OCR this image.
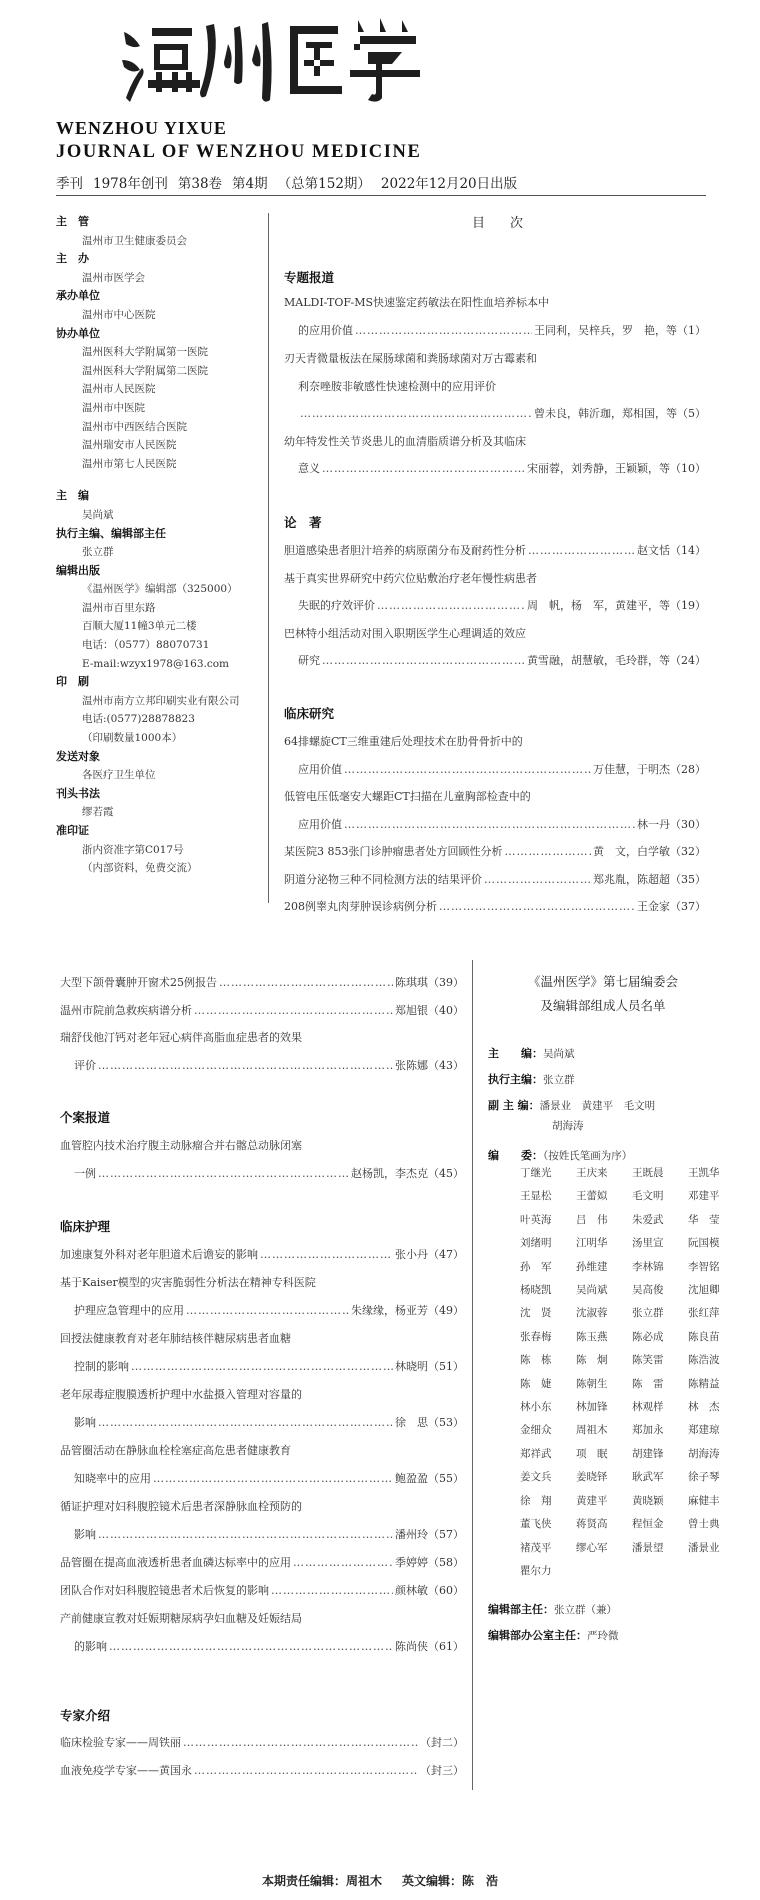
WENZHOU YIXUE
JOURNAL OF WENZHOU MEDICINE
季刊 1978年创刊 第38卷 第4期 （总第152期） 2022年12月20日出版
主　管
温州市卫生健康委员会
主　办
温州市医学会
承办单位
温州市中心医院
协办单位
温州医科大学附属第一医院
温州医科大学附属第二医院
温州市人民医院
温州市中医院
温州市中西医结合医院
温州瑞安市人民医院
温州市第七人民医院
主　编
吴尚斌
执行主编、编辑部主任
张立群
编辑出版
《温州医学》编辑部（325000）
温州市百里东路
百顺大厦11幢3单元二楼
电话：（0577）88070731
E-mail:wzyx1978@163.com
印　刷
温州市南方立邦印刷实业有限公司
电话:(0577)28878823
（印刷数量1000本）
发送对象
各医疗卫生单位
刊头书法
缪若霞
准印证
浙内资准字第C017号
（内部资料，免费交流）
目　次
专题报道
MALDI-TOF-MS快速鉴定药敏法在阳性血培养标本中
的应用价值 ……………………………………………………………………………………………………………………………………………………………………………………	王同利，吴梓兵，罗　艳，等（1）
刃天青微量板法在屎肠球菌和粪肠球菌对万古霉素和
利奈唑胺非敏感性快速检测中的应用评价
……………………………………………………………………………………………………………………………………………………………………………………
曾未良，韩沂珈，郑相国，等（5）
幼年特发性关节炎患儿的血清脂质谱分析及其临床
意义 ……………………………………………………………………………………………………………………………………………………………………………………	宋丽蓉，刘秀静，王颖颖，等（10）
论　著
胆道感染患者胆汁培养的病原菌分布及耐药性分析 ……………………………………………………………………………………………………………………………………………………………………………………	赵文恬（14）
基于真实世界研究中药穴位贴敷治疗老年慢性病患者
失眠的疗效评价 ……………………………………………………………………………………………………………………………………………………………………………………	周　帆，杨　军，黄建平，等（19）
巴林特小组活动对围入职期医学生心理调适的效应
研究 ……………………………………………………………………………………………………………………………………………………………………………………	黄雪融，胡慧敏，毛玲群，等（24）
临床研究
64排螺旋CT三维重建后处理技术在肋骨骨折中的
应用价值 ……………………………………………………………………………………………………………………………………………………………………………………	万佳慧，于明杰（28）
低管电压低毫安大螺距CT扫描在儿童胸部检查中的
应用价值 ……………………………………………………………………………………………………………………………………………………………………………………	林一丹（30）
某医院3 853张门诊肿瘤患者处方回顾性分析 ……………………………………………………………………………………………………………………………………………………………………………………	黄　文，白学敏（32）
阴道分泌物三种不同检测方法的结果评价 ……………………………………………………………………………………………………………………………………………………………………………………	郑兆胤，陈超超（35）
208例睾丸肉芽肿误诊病例分析 ……………………………………………………………………………………………………………………………………………………………………………………	王金家（37）
大型下颌骨囊肿开窗术25例报告 ……………………………………………………………………………………………………………………………………………………………………………………	陈琪琪（39）
温州市院前急救疾病谱分析 ……………………………………………………………………………………………………………………………………………………………………………………	郑旭银（40）
瑞舒伐他汀钙对老年冠心病伴高脂血症患者的效果
评价 ……………………………………………………………………………………………………………………………………………………………………………………	张陈娜（43）
个案报道
血管腔内技术治疗腹主动脉瘤合并右髂总动脉闭塞
一例 ……………………………………………………………………………………………………………………………………………………………………………………	赵杨凯，李杰克（45）
临床护理
加速康复外科对老年胆道术后谵妄的影响 ……………………………………………………………………………………………………………………………………………………………………………………	张小丹（47）
基于Kaiser模型的灾害脆弱性分析法在精神专科医院
护理应急管理中的应用 ……………………………………………………………………………………………………………………………………………………………………………………	朱缘缘，杨亚芳（49）
回授法健康教育对老年肺结核伴糖尿病患者血糖
控制的影响 ……………………………………………………………………………………………………………………………………………………………………………………	林晓明（51）
老年尿毒症腹膜透析护理中水盐摄入管理对容量的
影响 ……………………………………………………………………………………………………………………………………………………………………………………	徐　思（53）
品管圈活动在静脉血栓栓塞症高危患者健康教育
知晓率中的应用 ……………………………………………………………………………………………………………………………………………………………………………………	鲍盈盈（55）
循证护理对妇科腹腔镜术后患者深静脉血栓预防的
影响 ……………………………………………………………………………………………………………………………………………………………………………………	潘州玲（57）
品管圈在提高血液透析患者血磷达标率中的应用 ……………………………………………………………………………………………………………………………………………………………………………………	季婷婷（58）
团队合作对妇科腹腔镜患者术后恢复的影响 ……………………………………………………………………………………………………………………………………………………………………………………	颜林敏（60）
产前健康宣教对妊娠期糖尿病孕妇血糖及妊娠结局
的影响 ……………………………………………………………………………………………………………………………………………………………………………………	陈尚侠（61）
专家介绍
临床检验专家——周铁丽 ……………………………………………………………………………………………………………………………………………………………………………………	（封二）
血液免疫学专家——黄国永 ……………………………………………………………………………………………………………………………………………………………………………………	（封三）
《温州医学》第七届编委会
及编辑部组成人员名单
主　　编：吴尚斌
执行主编：张立群
副 主 编：潘景业　黄建平　毛文明
胡海涛
编　　委：（按姓氏笔画为序）
丁继光	王庆来	王既晨	王凯华
王显松	王蕾姒	毛文明	邓建平
叶英海	吕　伟	朱爱武	华　莹
刘绪明	江明华	汤里宣	阮国模
孙　军	孙维建	李林锦	李智铭
杨晓凯	吴尚斌	吴高俊	沈旭卿
沈　贤	沈淑蓉	张立群	张红萍
张春梅	陈玉燕	陈必成	陈良苗
陈　栋	陈　炯	陈笑雷	陈浩波
陈　婕	陈朝生	陈　雷	陈精益
林小东	林加锋	林观样	林　杰
金细众	周祖木	郑加永	郑建琼
郑祥武	项　眠	胡建锋	胡海涛
姜文兵	姜晓铎	耿武军	徐子琴
徐　翔	黄建平	黄晓颖	麻健丰
董飞侠	蒋贤高	程恒金	曾士典
褚茂平	缪心军	潘景望	潘景业
瞿尔力
编辑部主任：张立群（兼）
编辑部办公室主任：严玲微
本期责任编辑：周祖木 英文编辑：陈　浩
